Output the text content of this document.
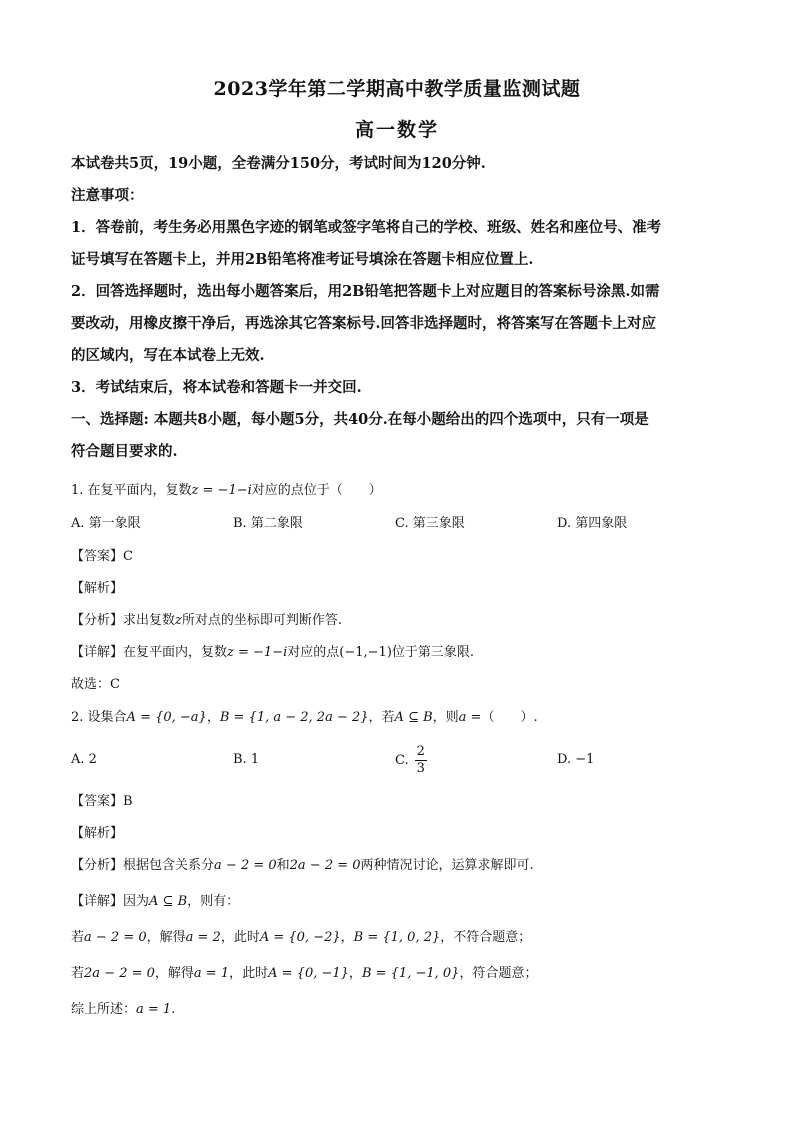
2023学年第二学期高中教学质量监测试题
高一数学
本试卷共5页，19小题，全卷满分150分，考试时间为120分钟.
注意事项：
1．答卷前，考生务必用黑色字迹的钢笔或签字笔将自己的学校、班级、姓名和座位号、准考
证号填写在答题卡上，并用2B铅笔将准考证号填涂在答题卡相应位置上.
2．回答选择题时，选出每小题答案后，用2B铅笔把答题卡上对应题目的答案标号涂黑.如需
要改动，用橡皮擦干净后，再选涂其它答案标号.回答非选择题时，将答案写在答题卡上对应
的区域内，写在本试卷上无效.
3．考试结束后，将本试卷和答题卡一并交回.
一、选择题: 本题共8小题，每小题5分，共40分.在每小题给出的四个选项中，只有一项是
符合题目要求的.
1. 在复平面内，复数z = −1−i对应的点位于（　　）
A. 第一象限	B. 第二象限	C. 第三象限	D. 第四象限
【答案】C
【解析】
【分析】求出复数z所对点的坐标即可判断作答.
【详解】在复平面内，复数z = −1−i对应的点(−1,−1)位于第三象限.
故选：C
2. 设集合A = {0, −a}，B = {1, a − 2, 2a − 2}，若A ⊆ B，则a =（　　）.
A. 2	B. 1	C. $\frac{2}{3}$	D. −1
【答案】B
【解析】
【分析】根据包含关系分a − 2 = 0和2a − 2 = 0两种情况讨论，运算求解即可.
【详解】因为A ⊆ B，则有：
若a − 2 = 0，解得a = 2，此时A = {0, −2}，B = {1, 0, 2}，不符合题意；
若2a − 2 = 0，解得a = 1，此时A = {0, −1}，B = {1, −1, 0}，符合题意；
综上所述：a = 1.
